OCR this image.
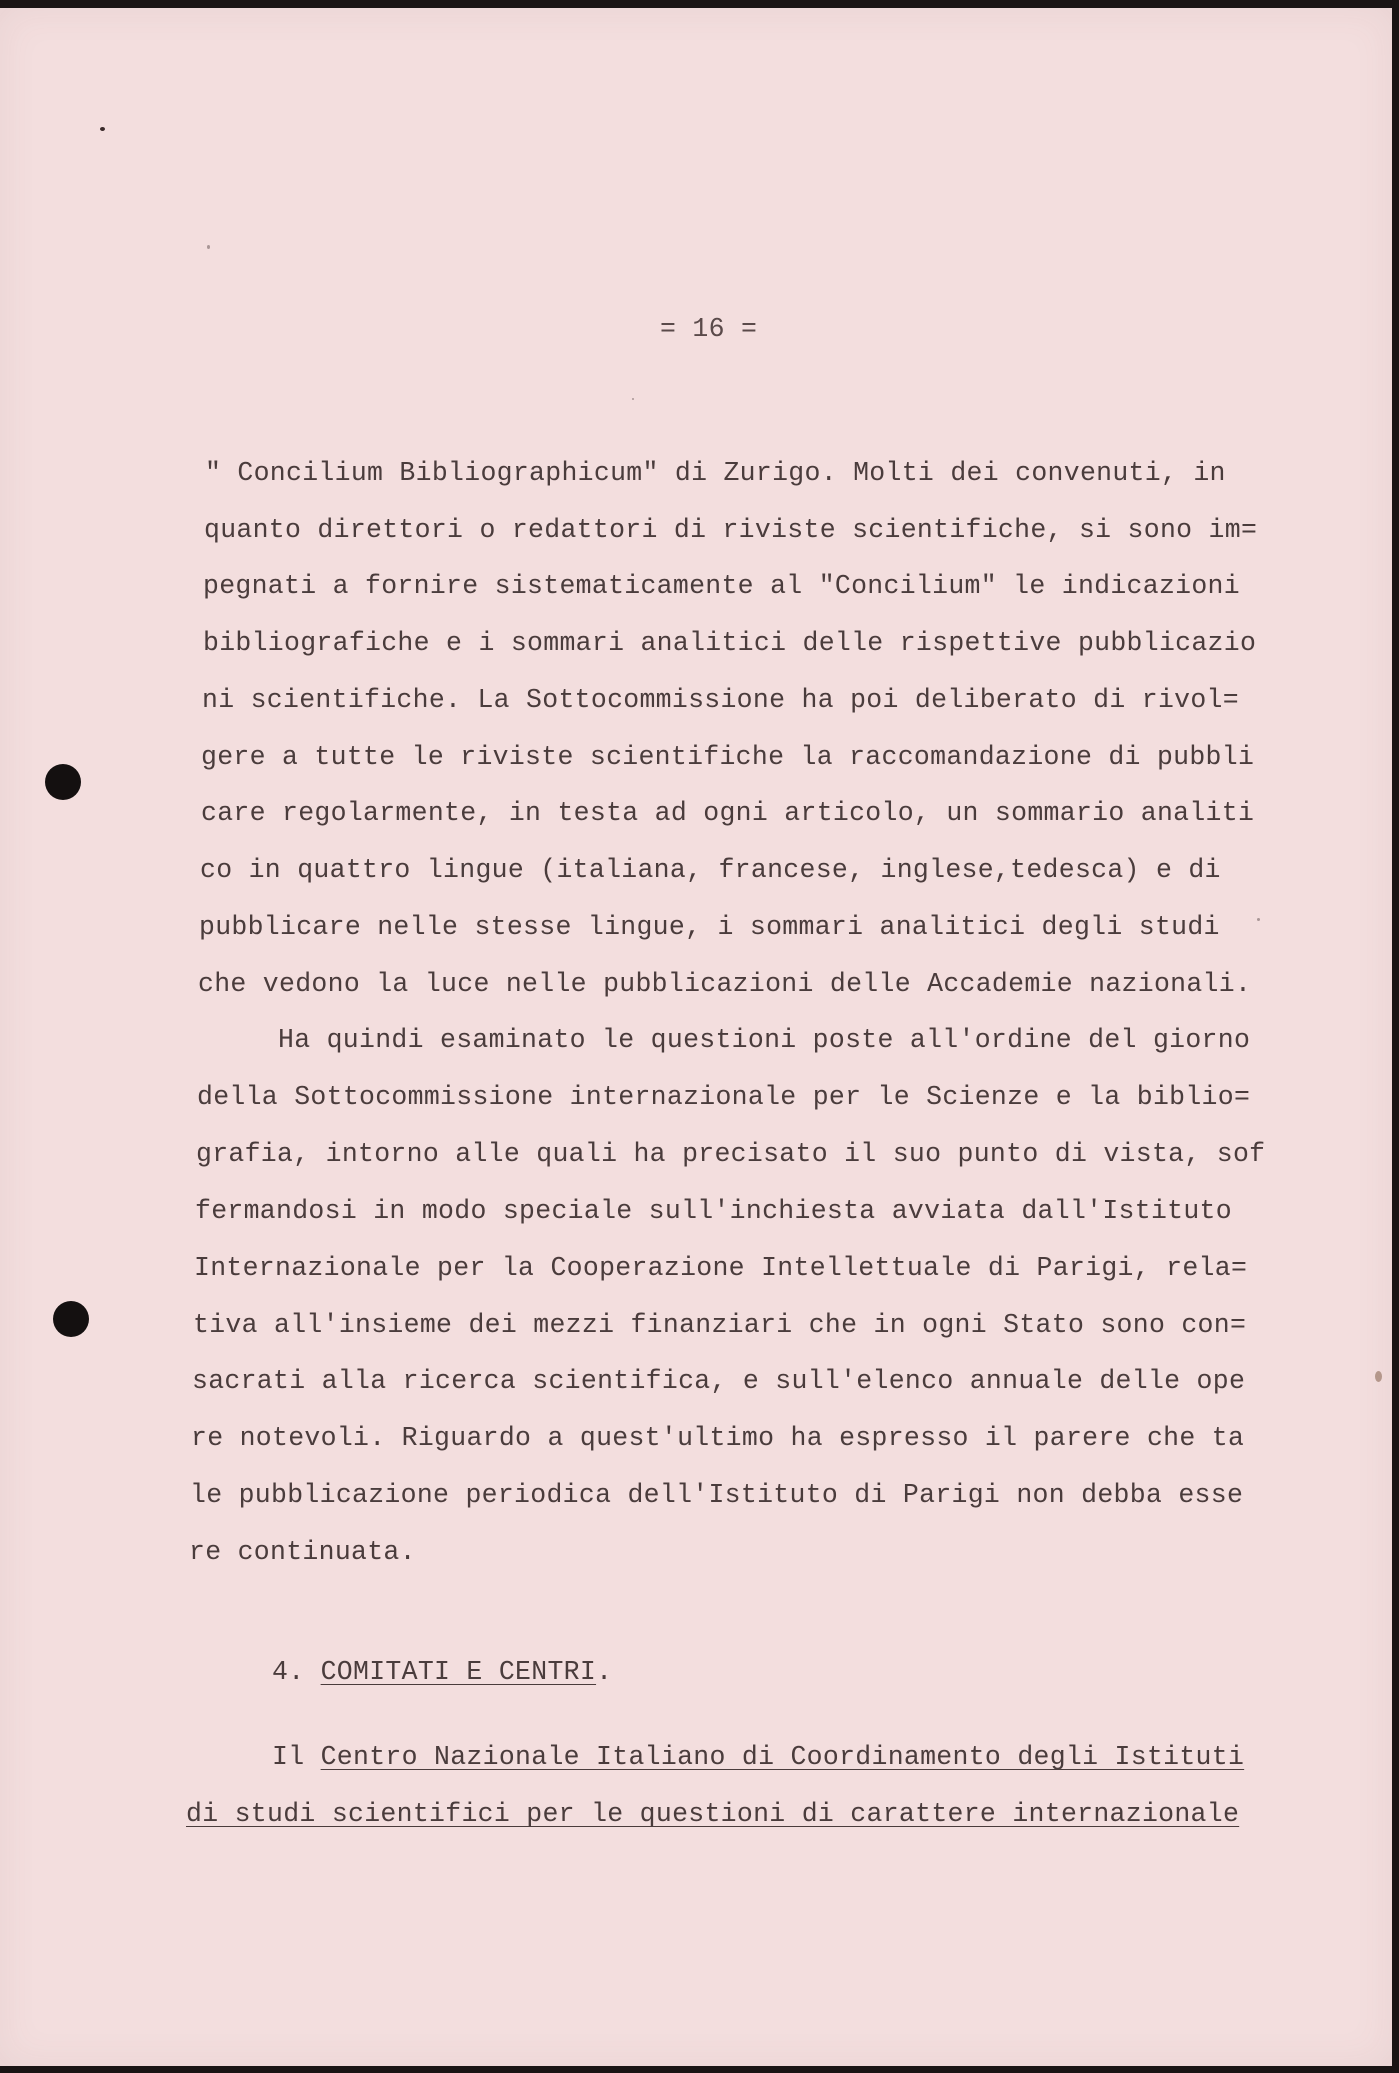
= 16 =
" Concilium Bibliographicum" di Zurigo. Molti dei convenuti, in
quanto direttori o redattori di riviste scientifiche, si sono im=
pegnati a fornire sistematicamente al "Concilium" le indicazioni
bibliografiche e i sommari analitici delle rispettive pubblicazio
ni scientifiche. La Sottocommissione ha poi deliberato di rivol=
gere a tutte le riviste scientifiche la raccomandazione di pubbli
care regolarmente, in testa ad ogni articolo, un sommario analiti
co in quattro lingue (italiana, francese, inglese,tedesca) e di
pubblicare nelle stesse lingue, i sommari analitici degli studi
che vedono la luce nelle pubblicazioni delle Accademie nazionali.
Ha quindi esaminato le questioni poste all'ordine del giorno
della Sottocommissione internazionale per le Scienze e la biblio=
grafia, intorno alle quali ha precisato il suo punto di vista, sof
fermandosi in modo speciale sull'inchiesta avviata dall'Istituto
Internazionale per la Cooperazione Intellettuale di Parigi, rela=
tiva all'insieme dei mezzi finanziari che in ogni Stato sono con=
sacrati alla ricerca scientifica, e sull'elenco annuale delle ope
re notevoli. Riguardo a quest'ultimo ha espresso il parere che ta
le pubblicazione periodica dell'Istituto di Parigi non debba esse
re continuata.
4. COMITATI E CENTRI.
Il Centro Nazionale Italiano di Coordinamento degli Istituti
di studi scientifici per le questioni di carattere internazionale
